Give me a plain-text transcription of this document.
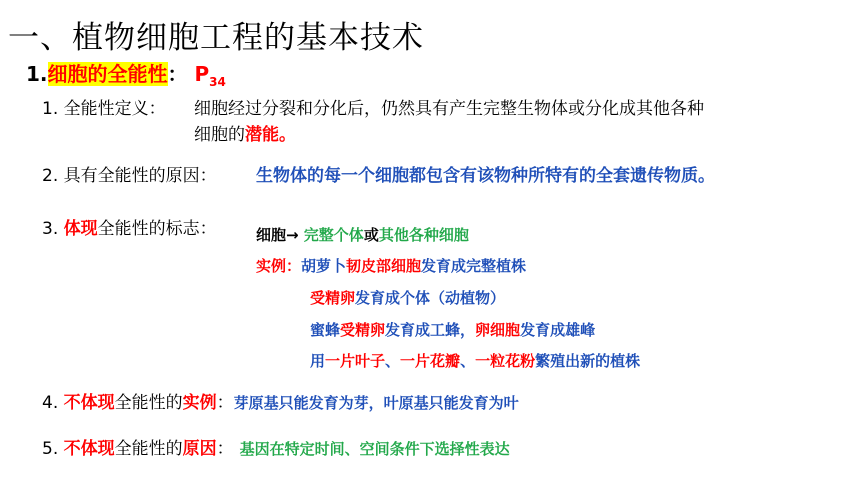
一、植物细胞工程的基本技术
1.细胞的全能性： $P_{34}$
1. 全能性定义： 细胞经过分裂和分化后，仍然具有产生完整生物体或分化成其他各种
细胞的潜能。
2. 具有全能性的原因： 生物体的每一个细胞都包含有该物种所特有的全套遗传物质。
3. 体现全能性的标志：	细胞→ 完整个体或其他各种细胞
实例：胡萝卜韧皮部细胞发育成完整植株
受精卵发育成个体（动植物）
蜜蜂受精卵发育成工蜂，卵细胞发育成雄峰
用一片叶子、一片花瓣、一粒花粉繁殖出新的植株
4. 不体现全能性的实例：芽原基只能发育为芽，叶原基只能发育为叶
5. 不体现全能性的原因： 基因在特定时间、空间条件下选择性表达
